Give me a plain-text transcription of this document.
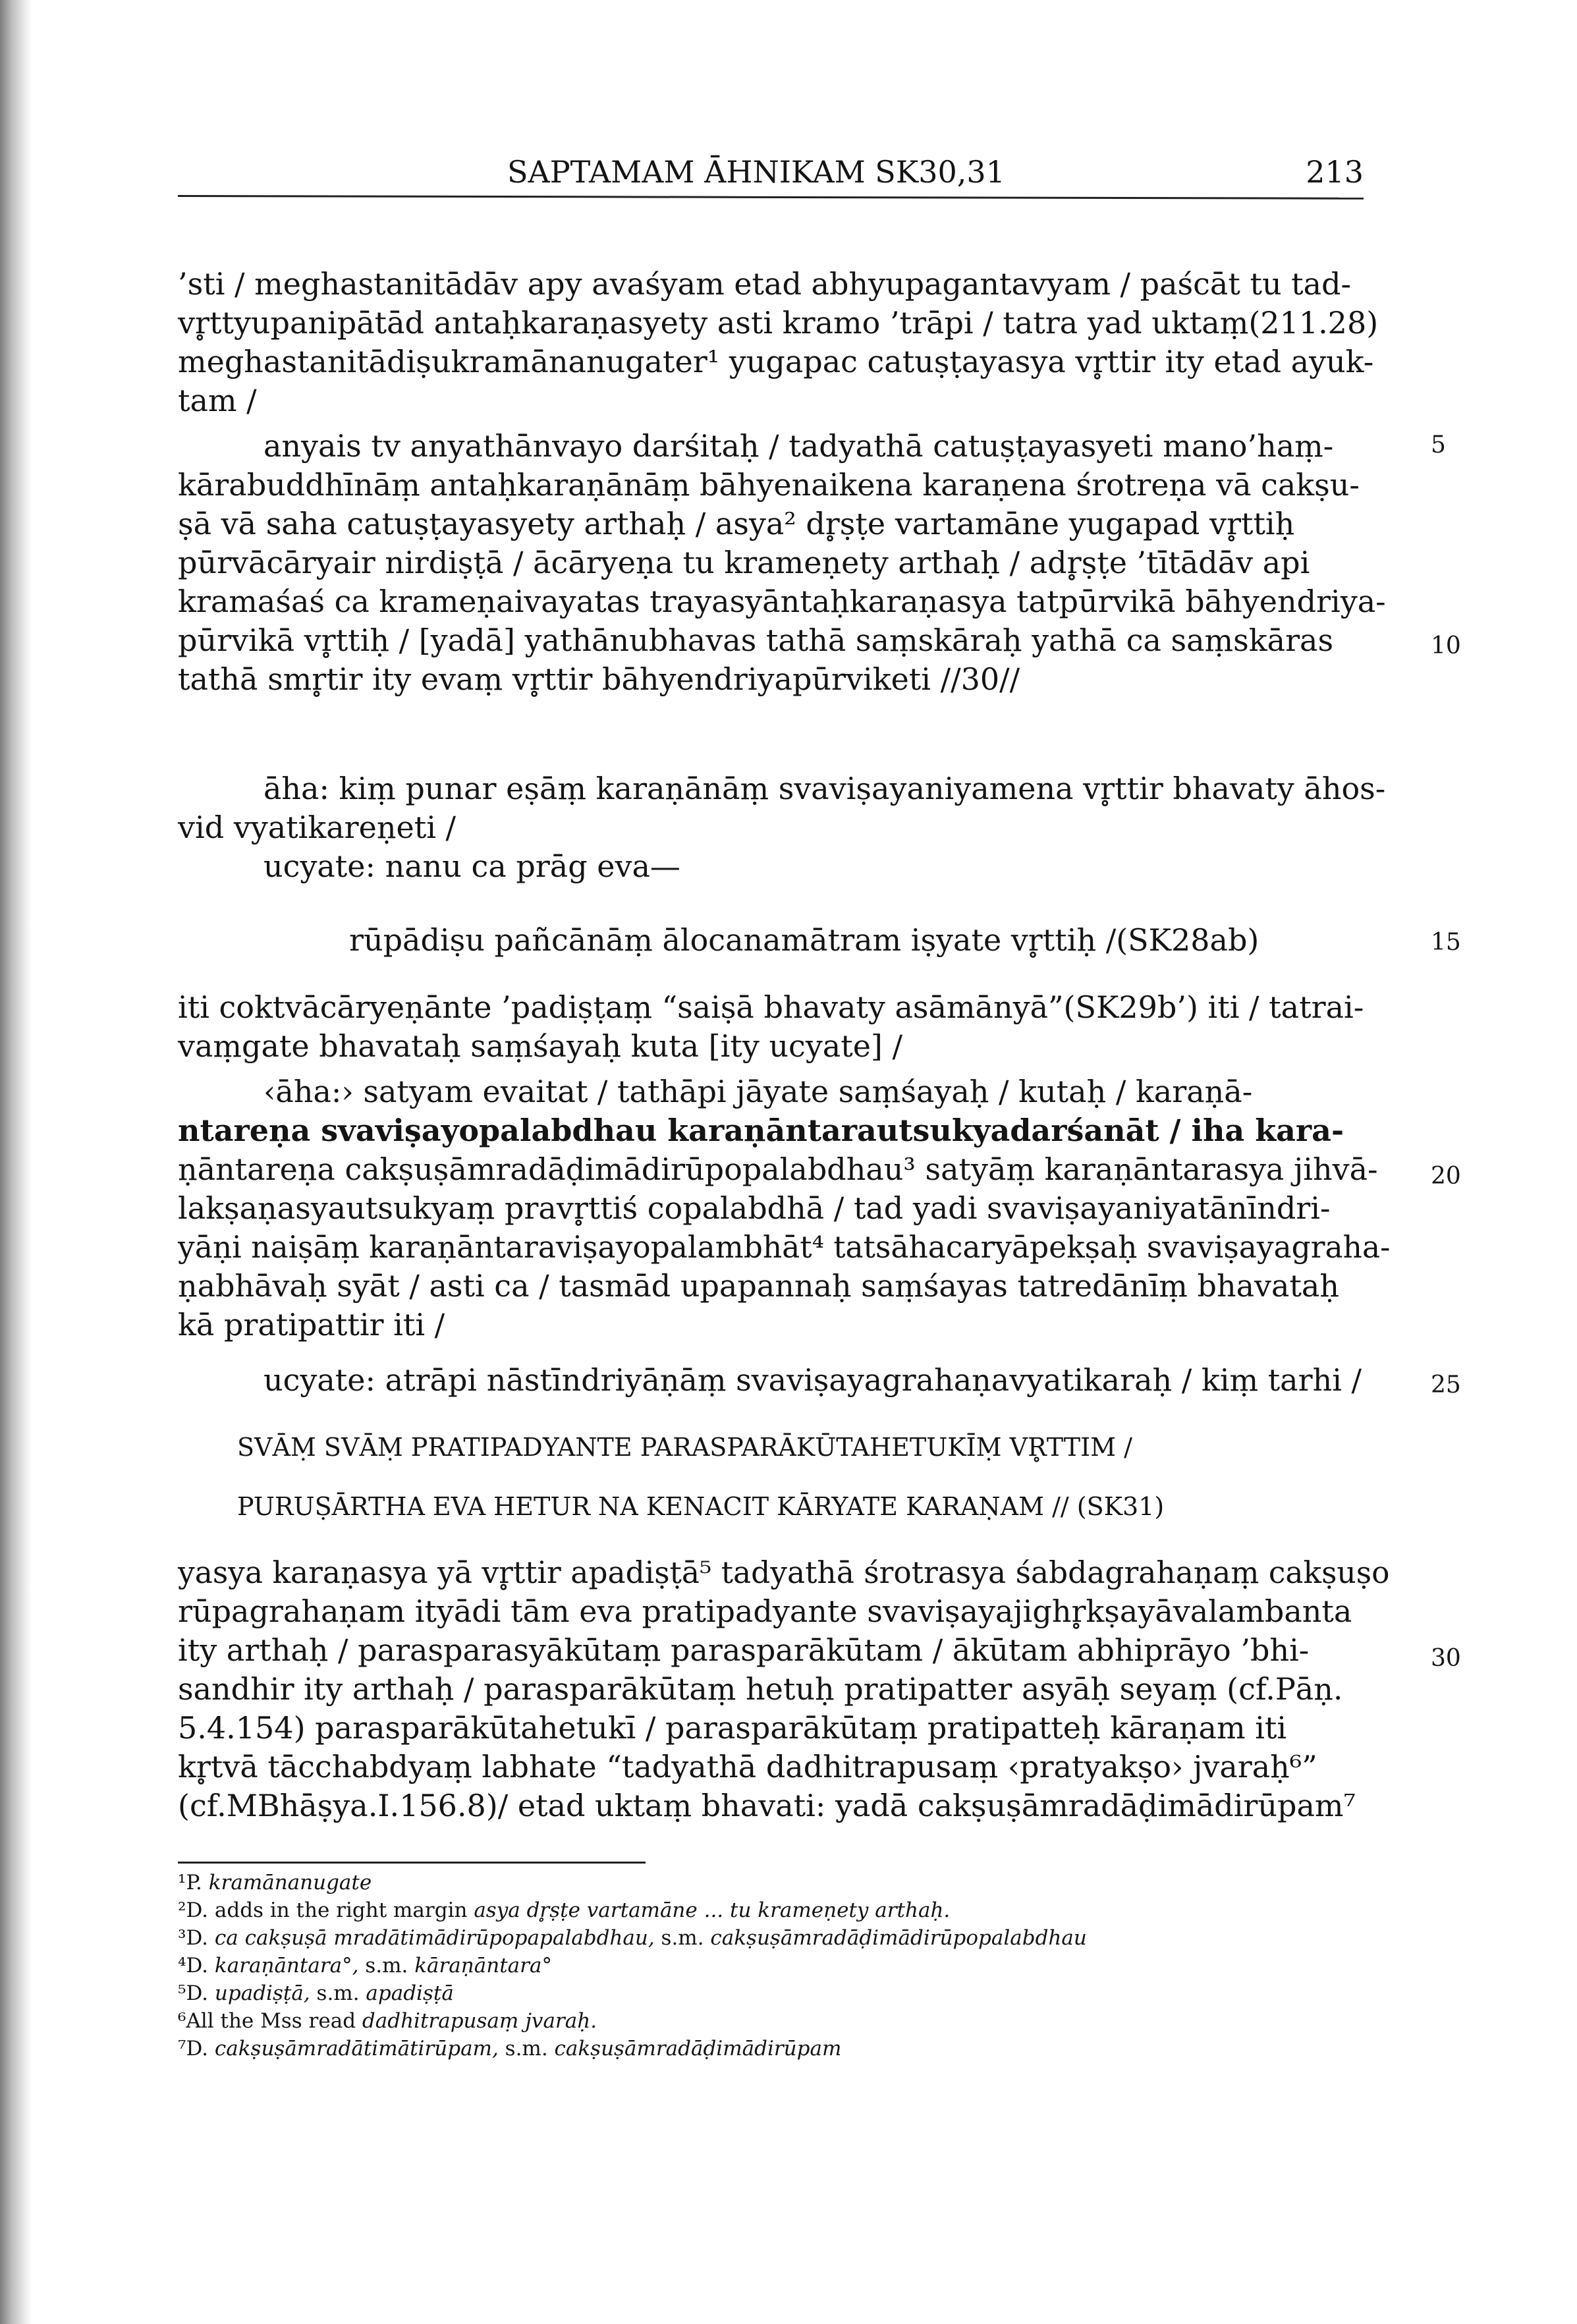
SAPTAMAM ĀHNIKAM SK30,31	213
’sti / meghastanitādāv apy avaśyam etad abhyupagantavyam / paścāt tu tad-
vr̥ttyupanipātād antaḥkaraṇasyety asti kramo ’trāpi / tatra yad uktaṃ(211.28)
meghastanitādiṣukramānanugater¹ yugapac catuṣṭayasya vr̥ttir ity etad ayuk-
tam /
anyais tv anyathānvayo darśitaḥ / tadyathā catuṣṭayasyeti mano’haṃ-
kārabuddhīnāṃ antaḥkaraṇānāṃ bāhyenaikena karaṇena śrotreṇa vā cakṣu-
ṣā vā saha catuṣṭayasyety arthaḥ / asya² dr̥ṣṭe vartamāne yugapad vr̥ttiḥ
pūrvācāryair nirdiṣṭā / ācāryeṇa tu krameṇety arthaḥ / adr̥ṣṭe ’tītādāv api
kramaśaś ca krameṇaivayatas trayasyāntaḥkaraṇasya tatpūrvikā bāhyendriya-
pūrvikā vr̥ttiḥ / [yadā] yathānubhavas tathā saṃskāraḥ yathā ca saṃskāras
tathā smr̥tir ity evaṃ vr̥ttir bāhyendriyapūrviketi //30//
āha: kiṃ punar eṣāṃ karaṇānāṃ svaviṣayaniyamena vr̥ttir bhavaty āhos-
vid vyatikareṇeti /
ucyate: nanu ca prāg eva—
rūpādiṣu pañcānāṃ ālocanamātram iṣyate vr̥ttiḥ /(SK28ab)
iti coktvācāryeṇānte ’padiṣṭaṃ “saiṣā bhavaty asāmānyā”(SK29b’) iti / tatrai-
vaṃgate bhavataḥ saṃśayaḥ kuta [ity ucyate] /
‹āha:› satyam evaitat / tathāpi jāyate saṃśayaḥ / kutaḥ / karaṇā-
ntareṇa svaviṣayopalabdhau karaṇāntarautsukyadarśanāt / iha kara-
ṇāntareṇa cakṣuṣāmradāḍimādirūpopalabdhau³ satyāṃ karaṇāntarasya jihvā-
lakṣaṇasyautsukyaṃ pravr̥ttiś copalabdhā / tad yadi svaviṣayaniyatānīndri-
yāṇi naiṣāṃ karaṇāntaraviṣayopalambhāt⁴ tatsāhacaryāpekṣaḥ svaviṣayagraha-
ṇabhāvaḥ syāt / asti ca / tasmād upapannaḥ saṃśayas tatredānīṃ bhavataḥ
kā pratipattir iti /
ucyate: atrāpi nāstīndriyāṇāṃ svaviṣayagrahaṇavyatikaraḥ / kiṃ tarhi /
SVĀṂ SVĀṂ PRATIPADYANTE PARASPARĀKŪTAHETUKĪṂ VR̥TTIM /
PURUṢĀRTHA EVA HETUR NA KENACIT KĀRYATE KARAṆAM // (SK31)
yasya karaṇasya yā vr̥ttir apadiṣṭā⁵ tadyathā śrotrasya śabdagrahaṇaṃ cakṣuṣo
rūpagrahaṇam ityādi tām eva pratipadyante svaviṣayajighr̥kṣayāvalambanta
ity arthaḥ / parasparasyākūtaṃ parasparākūtam / ākūtam abhiprāyo ’bhi-
sandhir ity arthaḥ / parasparākūtaṃ hetuḥ pratipatter asyāḥ seyaṃ (cf.Pāṇ.
5.4.154) parasparākūtahetukī / parasparākūtaṃ pratipatteḥ kāraṇam iti
kr̥tvā tācchabdyaṃ labhate “tadyathā dadhitrapusaṃ ‹pratyakṣo› jvaraḥ⁶”
(cf.MBhāṣya.I.156.8)/ etad uktaṃ bhavati: yadā cakṣuṣāmradāḍimādirūpam⁷
5
10
15
20
25
30
¹P. kramānanugate
²D. adds in the right margin asya dr̥ṣṭe vartamāne ... tu krameṇety arthaḥ.
³D. ca cakṣuṣā mradātimādirūpopapalabdhau, s.m. cakṣuṣāmradāḍimādirūpopalabdhau
⁴D. karaṇāntara°, s.m. kāraṇāntara°
⁵D. upadiṣṭā, s.m. apadiṣṭā
⁶All the Mss read dadhitrapusaṃ jvaraḥ.
⁷D. cakṣuṣāmradātimātirūpam, s.m. cakṣuṣāmradāḍimādirūpam
